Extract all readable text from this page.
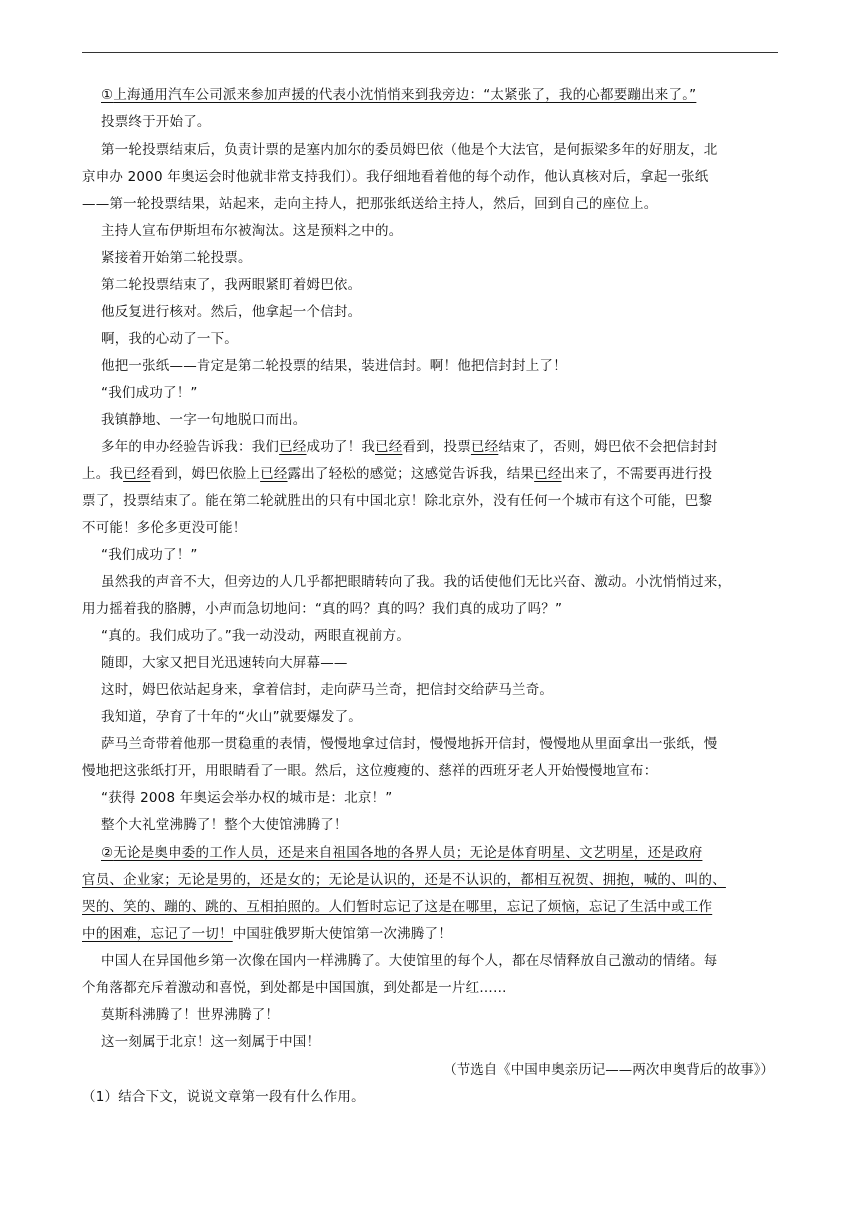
①上海通用汽车公司派来参加声援的代表小沈悄悄来到我旁边：“太紧张了，我的心都要蹦出来了。”
投票终于开始了。
第一轮投票结束后，负责计票的是塞内加尔的委员姆巴依（他是个大法官，是何振梁多年的好朋友，北
京申办 2000 年奥运会时他就非常支持我们）。我仔细地看着他的每个动作，他认真核对后，拿起一张纸
——第一轮投票结果，站起来，走向主持人，把那张纸送给主持人，然后，回到自己的座位上。
主持人宣布伊斯坦布尔被淘汰。这是预料之中的。
紧接着开始第二轮投票。
第二轮投票结束了，我两眼紧盯着姆巴依。
他反复进行核对。然后，他拿起一个信封。
啊，我的心动了一下。
他把一张纸——肯定是第二轮投票的结果，装进信封。啊！他把信封封上了！
“我们成功了！”
我镇静地、一字一句地脱口而出。
多年的申办经验告诉我：我们已经成功了！我已经看到，投票已经结束了，否则，姆巴依不会把信封封
上。我已经看到，姆巴依脸上已经露出了轻松的感觉；这感觉告诉我，结果已经出来了，不需要再进行投
票了，投票结束了。能在第二轮就胜出的只有中国北京！除北京外，没有任何一个城市有这个可能，巴黎
不可能！多伦多更没可能！
“我们成功了！”
虽然我的声音不大，但旁边的人几乎都把眼睛转向了我。我的话使他们无比兴奋、激动。小沈悄悄过来，
用力摇着我的胳膊，小声而急切地问：“真的吗？真的吗？我们真的成功了吗？”
“真的。我们成功了。”我一动没动，两眼直视前方。
随即，大家又把目光迅速转向大屏幕——
这时，姆巴依站起身来，拿着信封，走向萨马兰奇，把信封交给萨马兰奇。
我知道，孕育了十年的“火山”就要爆发了。
萨马兰奇带着他那一贯稳重的表情，慢慢地拿过信封，慢慢地拆开信封，慢慢地从里面拿出一张纸，慢
慢地把这张纸打开，用眼睛看了一眼。然后，这位瘦瘦的、慈祥的西班牙老人开始慢慢地宣布：
“获得 2008 年奥运会举办权的城市是：北京！”
整个大礼堂沸腾了！整个大使馆沸腾了！
②无论是奥申委的工作人员，还是来自祖国各地的各界人员；无论是体育明星、文艺明星，还是政府
官员、企业家；无论是男的，还是女的；无论是认识的，还是不认识的，都相互祝贺、拥抱，喊的、叫的、
哭的、笑的、蹦的、跳的、互相拍照的。人们暂时忘记了这是在哪里，忘记了烦恼，忘记了生活中或工作
中的困难，忘记了一切！中国驻俄罗斯大使馆第一次沸腾了！
中国人在异国他乡第一次像在国内一样沸腾了。大使馆里的每个人，都在尽情释放自己激动的情绪。每
个角落都充斥着激动和喜悦，到处都是中国国旗，到处都是一片红……
莫斯科沸腾了！世界沸腾了！
这一刻属于北京！这一刻属于中国！
（节选自《中国申奥亲历记——两次申奥背后的故事》）
（1）结合下文，说说文章第一段有什么作用。
